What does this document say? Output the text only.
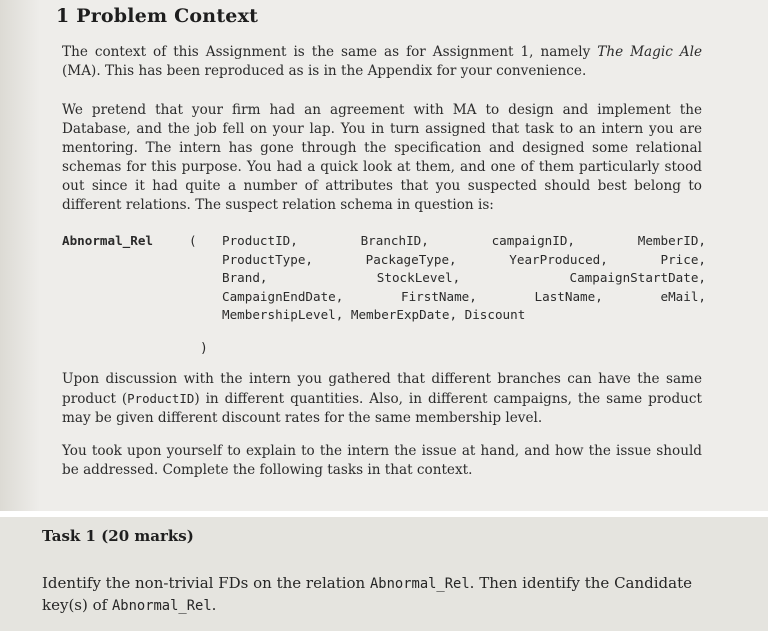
1 Problem Context

The context of this Assignment is the same as for Assignment 1, namely The Magic Ale (MA). This has been reproduced as is in the Appendix for your convenience.

We pretend that your firm had an agreement with MA to design and implement the Database, and the job fell on your lap. You in turn assigned that task to an intern you are mentoring. The intern has gone through the specification and designed some relational schemas for this purpose. You had a quick look at them, and one of them particularly stood out since it had quite a number of attributes that you suspected should best belong to different relations. The suspect relation schema in question is:

Abnormal_Rel	( ProductID, BranchID, campaignID, MemberID,
ProductType, PackageType, YearProduced, Price,
Brand, StockLevel, CampaignStartDate,
CampaignEndDate, FirstName, LastName, eMail,
MembershipLevel, MemberExpDate, Discount
)

Upon discussion with the intern you gathered that different branches can have the same product (ProductID) in different quantities. Also, in different campaigns, the same product may be given different discount rates for the same membership level.

You took upon yourself to explain to the intern the issue at hand, and how the issue should be addressed. Complete the following tasks in that context.

Task 1 (20 marks)

Identify the non-trivial FDs on the relation Abnormal_Rel. Then identify the Candidate key(s) of Abnormal_Rel.
